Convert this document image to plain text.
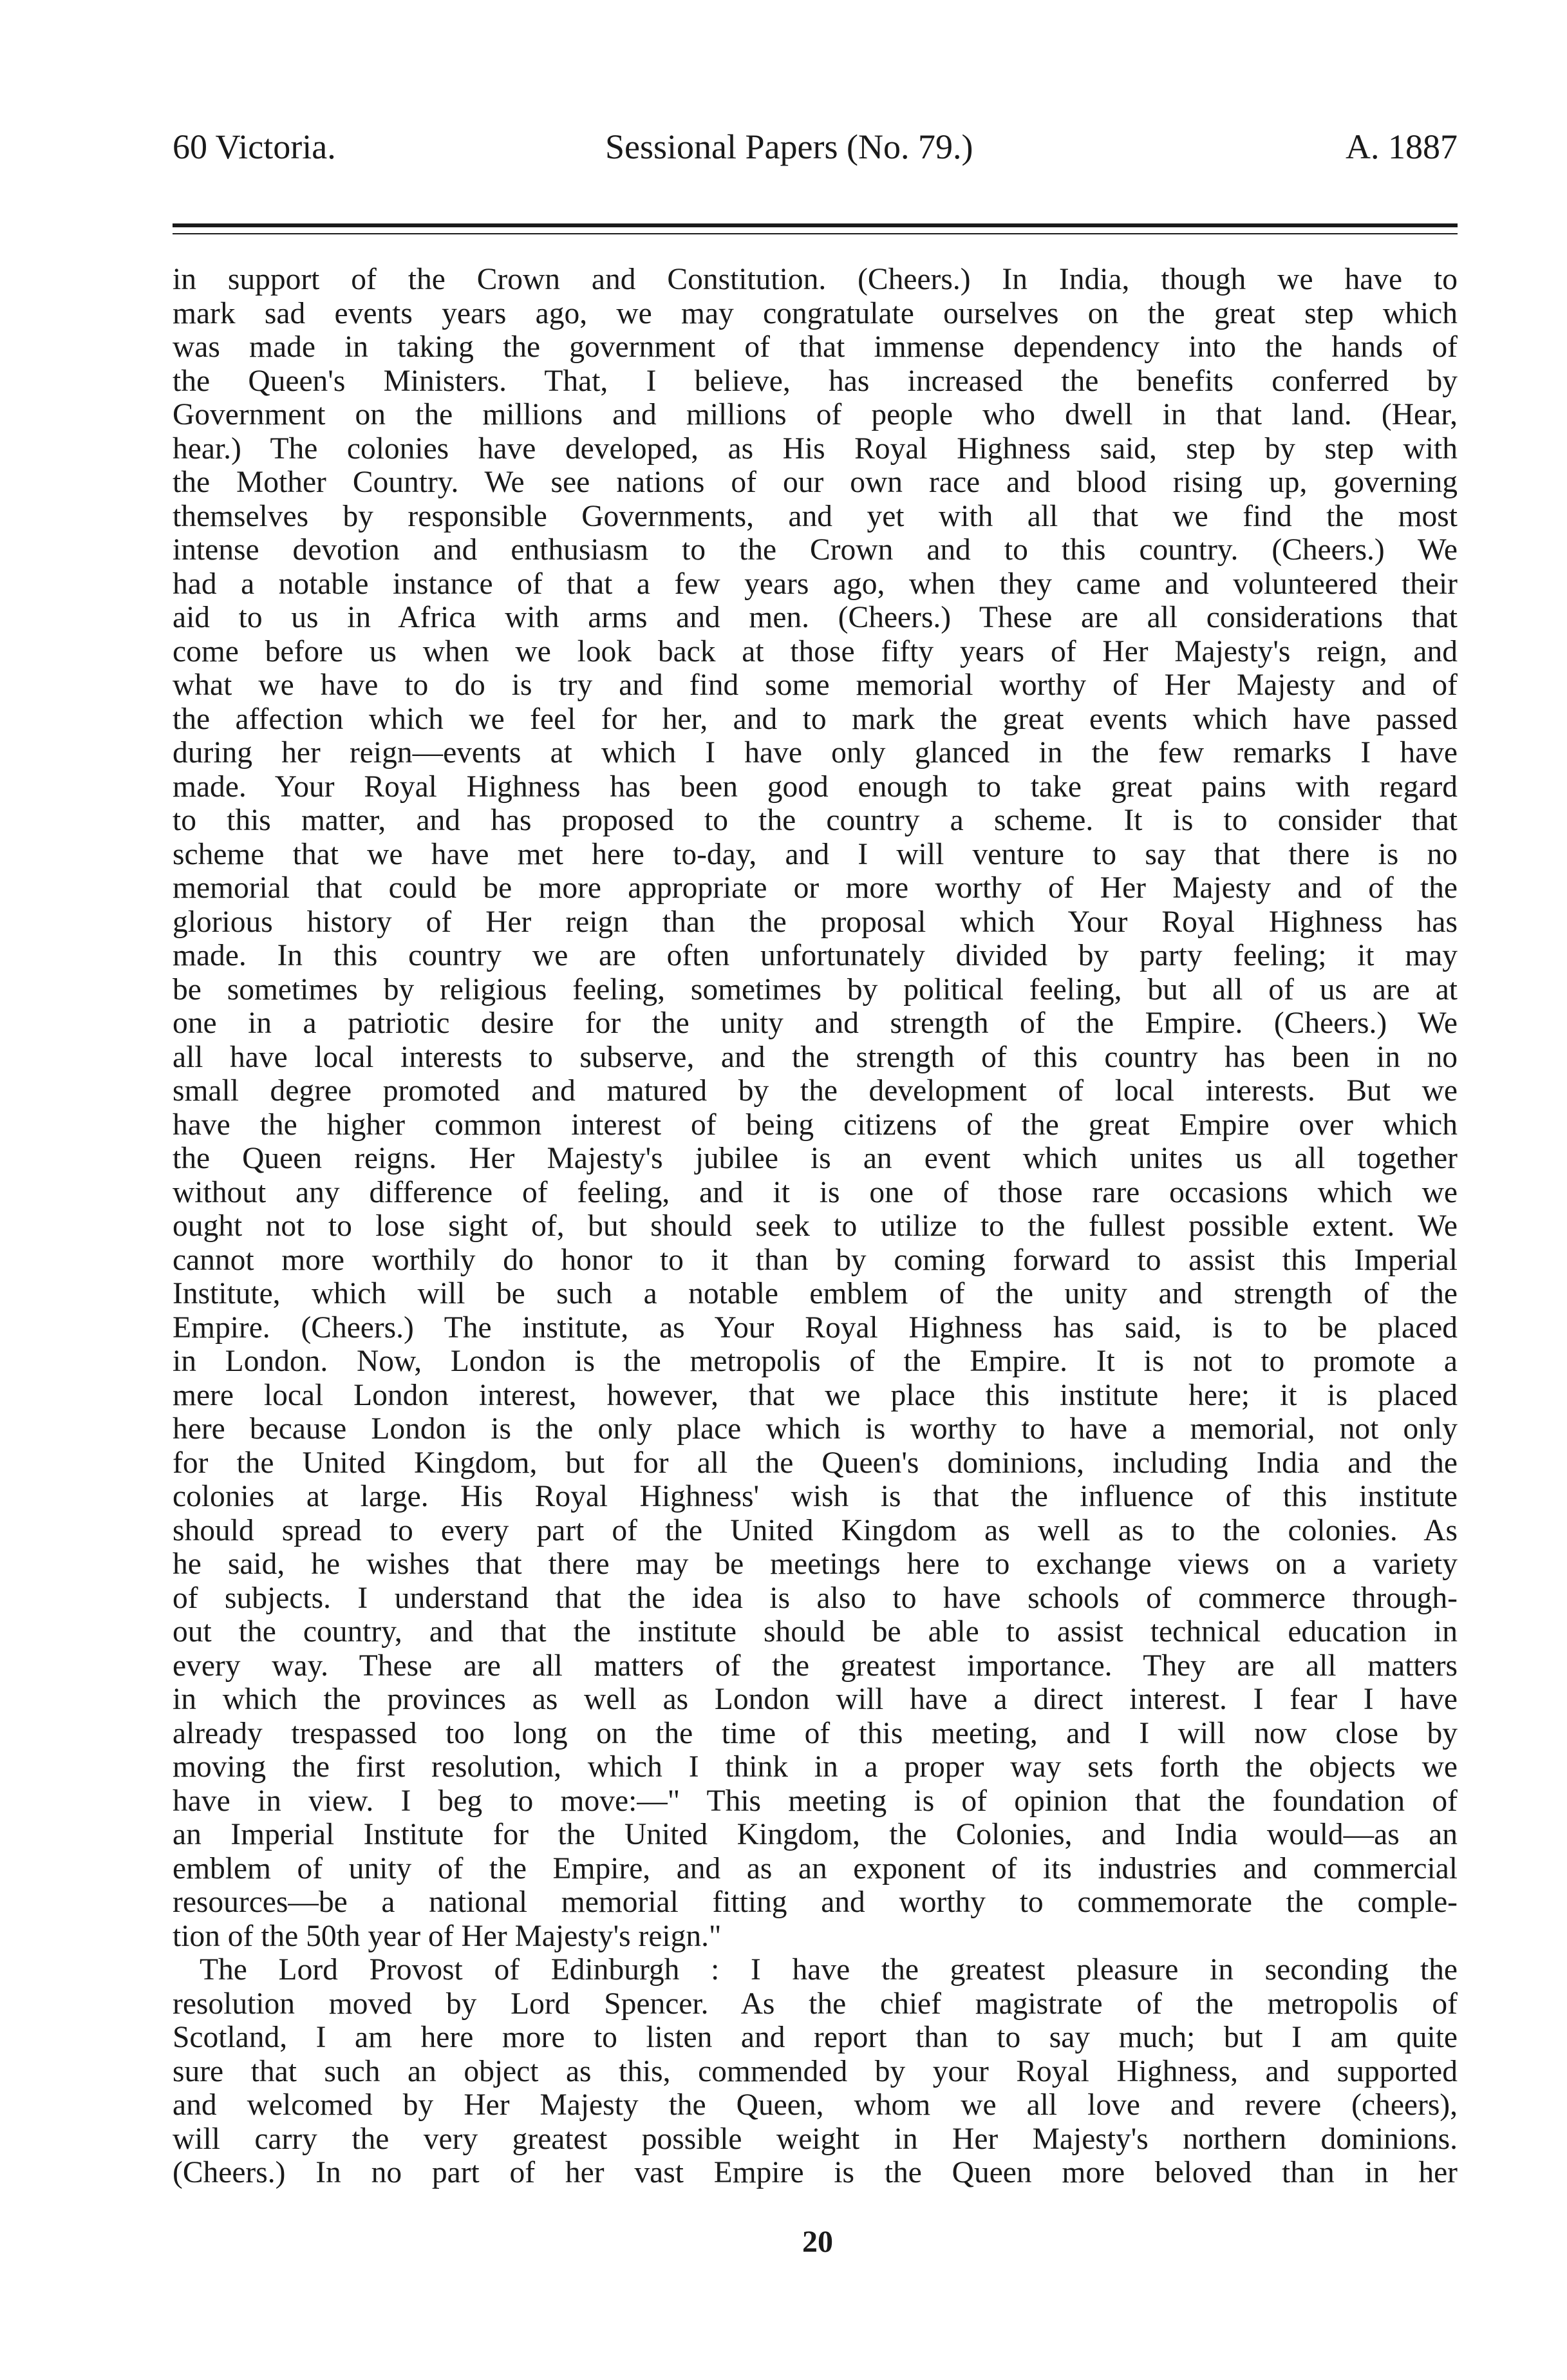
60 Victoria.	Sessional Papers (No. 79.)	A. 1887

in support of the Crown and Constitution. (Cheers.) In India, though we have to

mark sad events years ago, we may congratulate ourselves on the great step which

was made in taking the government of that immense dependency into the hands of

the Queen's Ministers. That, I believe, has increased the benefits conferred by

Government on the millions and millions of people who dwell in that land. (Hear,

hear.) The colonies have developed, as His Royal Highness said, step by step with

the Mother Country. We see nations of our own race and blood rising up, governing

themselves by responsible Governments, and yet with all that we find the most

intense devotion and enthusiasm to the Crown and to this country. (Cheers.) We

had a notable instance of that a few years ago, when they came and volunteered their

aid to us in Africa with arms and men. (Cheers.) These are all considerations that

come before us when we look back at those fifty years of Her Majesty's reign, and

what we have to do is try and find some memorial worthy of Her Majesty and of

the affection which we feel for her, and to mark the great events which have passed

during her reign—events at which I have only glanced in the few remarks I have

made. Your Royal Highness has been good enough to take great pains with regard

to this matter, and has proposed to the country a scheme. It is to consider that

scheme that we have met here to-day, and I will venture to say that there is no

memorial that could be more appropriate or more worthy of Her Majesty and of the

glorious history of Her reign than the proposal which Your Royal Highness has

made. In this country we are often unfortunately divided by party feeling; it may

be sometimes by religious feeling, sometimes by political feeling, but all of us are at

one in a patriotic desire for the unity and strength of the Empire. (Cheers.) We

all have local interests to subserve, and the strength of this country has been in no

small degree promoted and matured by the development of local interests. But we

have the higher common interest of being citizens of the great Empire over which

the Queen reigns. Her Majesty's jubilee is an event which unites us all together

without any difference of feeling, and it is one of those rare occasions which we

ought not to lose sight of, but should seek to utilize to the fullest possible extent. We

cannot more worthily do honor to it than by coming forward to assist this Imperial

Institute, which will be such a notable emblem of the unity and strength of the

Empire. (Cheers.) The institute, as Your Royal Highness has said, is to be placed

in London. Now, London is the metropolis of the Empire. It is not to promote a

mere local London interest, however, that we place this institute here; it is placed

here because London is the only place which is worthy to have a memorial, not only

for the United Kingdom, but for all the Queen's dominions, including India and the

colonies at large. His Royal Highness' wish is that the influence of this institute

should spread to every part of the United Kingdom as well as to the colonies. As

he said, he wishes that there may be meetings here to exchange views on a variety

of subjects. I understand that the idea is also to have schools of commerce through-

out the country, and that the institute should be able to assist technical education in

every way. These are all matters of the greatest importance. They are all matters

in which the provinces as well as London will have a direct interest. I fear I have

already trespassed too long on the time of this meeting, and I will now close by

moving the first resolution, which I think in a proper way sets forth the objects we

have in view. I beg to move:—" This meeting is of opinion that the foundation of

an Imperial Institute for the United Kingdom, the Colonies, and India would—as an

emblem of unity of the Empire, and as an exponent of its industries and commercial

resources—be a national memorial fitting and worthy to commemorate the comple-

tion of the 50th year of Her Majesty's reign."

The Lord Provost of Edinburgh : I have the greatest pleasure in seconding the

resolution moved by Lord Spencer. As the chief magistrate of the metropolis of

Scotland, I am here more to listen and report than to say much; but I am quite

sure that such an object as this, commended by your Royal Highness, and supported

and welcomed by Her Majesty the Queen, whom we all love and revere (cheers),

will carry the very greatest possible weight in Her Majesty's northern dominions.

(Cheers.) In no part of her vast Empire is the Queen more beloved than in her

20
